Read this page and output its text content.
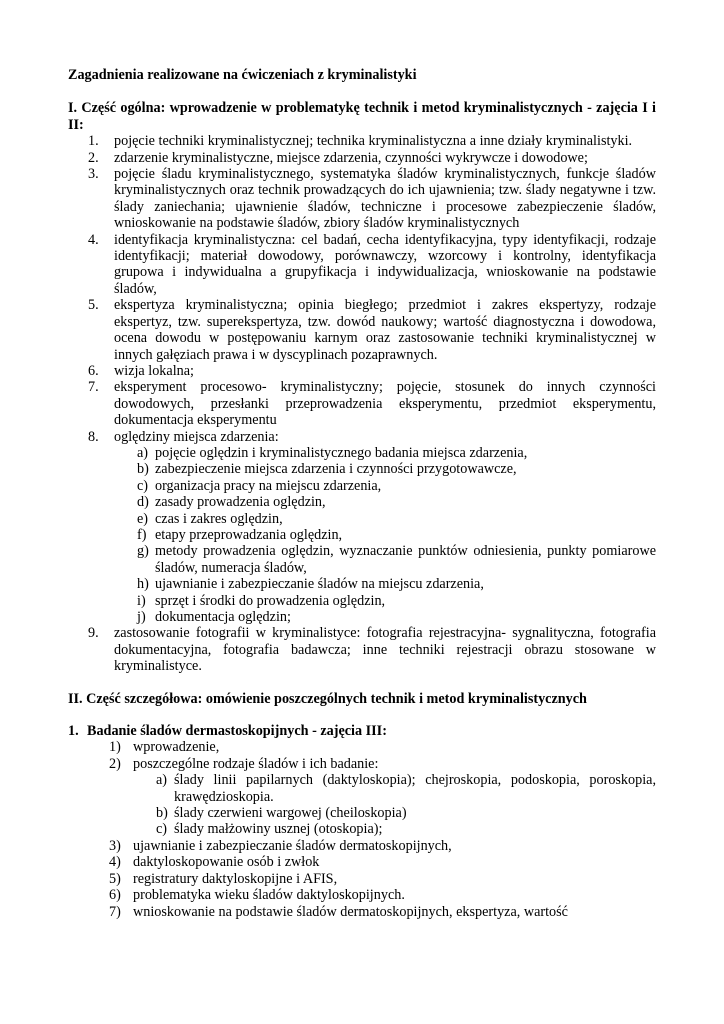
Zagadnienia realizowane na ćwiczeniach z kryminalistyki

I. Część ogólna: wprowadzenie w problematykę technik i metod kryminalistycznych - zajęcia I i II:

1. pojęcie techniki kryminalistycznej; technika kryminalistyczna a inne działy kryminalistyki.
2. zdarzenie kryminalistyczne, miejsce zdarzenia, czynności wykrywcze i dowodowe;
3. pojęcie śladu kryminalistycznego, systematyka śladów kryminalistycznych, funkcje śladów kryminalistycznych oraz technik prowadzących do ich ujawnienia; tzw. ślady negatywne i tzw. ślady zaniechania; ujawnienie śladów, techniczne i procesowe zabezpieczenie śladów, wnioskowanie na podstawie śladów, zbiory śladów kryminalistycznych
4. identyfikacja kryminalistyczna: cel badań, cecha identyfikacyjna, typy identyfikacji, rodzaje identyfikacji; materiał dowodowy, porównawczy, wzorcowy i kontrolny, identyfikacja grupowa i indywidualna a grupyfikacja i indywidualizacja, wnioskowanie na podstawie śladów,
5. ekspertyza kryminalistyczna; opinia biegłego; przedmiot i zakres ekspertyzy, rodzaje ekspertyz, tzw. superekspertyza, tzw. dowód naukowy; wartość diagnostyczna i dowodowa, ocena dowodu w postępowaniu karnym oraz zastosowanie techniki kryminalistycznej w innych gałęziach prawa i w dyscyplinach pozaprawnych.
6. wizja lokalna;
7. eksperyment procesowo- kryminalistyczny; pojęcie, stosunek do innych czynności dowodowych, przesłanki przeprowadzenia eksperymentu, przedmiot eksperymentu, dokumentacja eksperymentu
8. oględziny miejsca zdarzenia:
a) pojęcie oględzin i kryminalistycznego badania miejsca zdarzenia,
b) zabezpieczenie miejsca zdarzenia i czynności przygotowawcze,
c) organizacja pracy na miejscu zdarzenia,
d) zasady prowadzenia oględzin,
e) czas i zakres oględzin,
f) etapy przeprowadzania oględzin,
g) metody prowadzenia oględzin, wyznaczanie punktów odniesienia, punkty pomiarowe śladów, numeracja śladów,
h) ujawnianie i zabezpieczanie śladów na miejscu zdarzenia,
i) sprzęt i środki do prowadzenia oględzin,
j) dokumentacja oględzin;
9. zastosowanie fotografii w kryminalistyce: fotografia rejestracyjna- sygnalityczna, fotografia dokumentacyjna, fotografia badawcza; inne techniki rejestracji obrazu stosowane w kryminalistyce.

II. Część szczegółowa: omówienie poszczególnych technik i metod kryminalistycznych

1. Badanie śladów dermastoskopijnych - zajęcia III:

1) wprowadzenie,
2) poszczególne rodzaje śladów i ich badanie:
a) ślady linii papilarnych (daktyloskopia); chejroskopia, podoskopia, poroskopia, krawędzioskopia.
b) ślady czerwieni wargowej (cheiloskopia)
c) ślady małżowiny usznej (otoskopia);
3) ujawnianie i zabezpieczanie śladów dermatoskopijnych,
4) daktyloskopowanie osób i zwłok
5) registratury daktyloskopijne i AFIS,
6) problematyka wieku śladów daktyloskopijnych.
7) wnioskowanie na podstawie śladów dermatoskopijnych, ekspertyza, wartość
